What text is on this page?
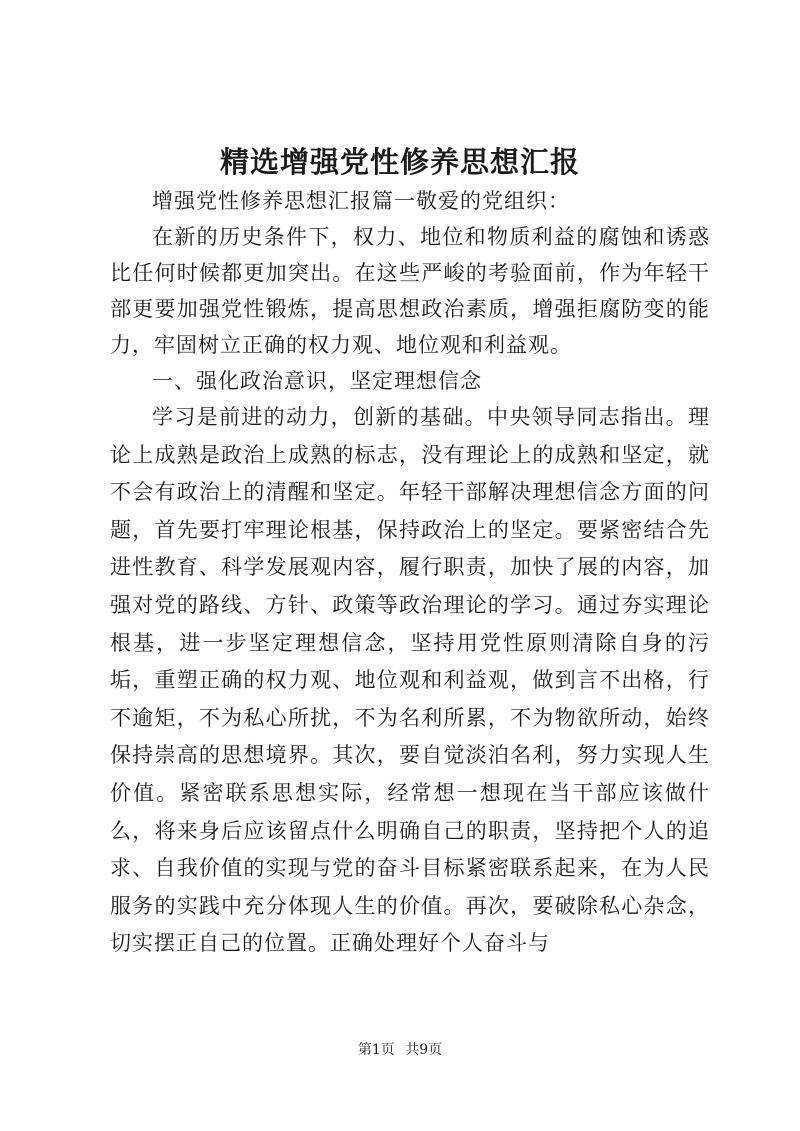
精选增强党性修养思想汇报

增强党性修养思想汇报篇一敬爱的党组织：

在新的历史条件下，权力、地位和物质利益的腐蚀和诱惑比任何时候都更加突出。在这些严峻的考验面前，作为年轻干部更要加强党性锻炼，提高思想政治素质，增强拒腐防变的能力，牢固树立正确的权力观、地位观和利益观。

一、强化政治意识，坚定理想信念

学习是前进的动力，创新的基础。中央领导同志指出。理论上成熟是政治上成熟的标志，没有理论上的成熟和坚定，就不会有政治上的清醒和坚定。年轻干部解决理想信念方面的问题，首先要打牢理论根基，保持政治上的坚定。要紧密结合先进性教育、科学发展观内容，履行职责，加快了展的内容，加强对党的路线、方针、政策等政治理论的学习。通过夯实理论根基，进一步坚定理想信念，坚持用党性原则清除自身的污垢，重塑正确的权力观、地位观和利益观，做到言不出格，行不逾矩，不为私心所扰，不为名利所累，不为物欲所动，始终保持崇高的思想境界。其次，要自觉淡泊名利，努力实现人生价值。紧密联系思想实际，经常想一想现在当干部应该做什么，将来身后应该留点什么明确自己的职责，坚持把个人的追求、自我价值的实现与党的奋斗目标紧密联系起来，在为人民服务的实践中充分体现人生的价值。再次，要破除私心杂念，切实摆正自己的位置。正确处理好个人奋斗与

第1页 共9页
